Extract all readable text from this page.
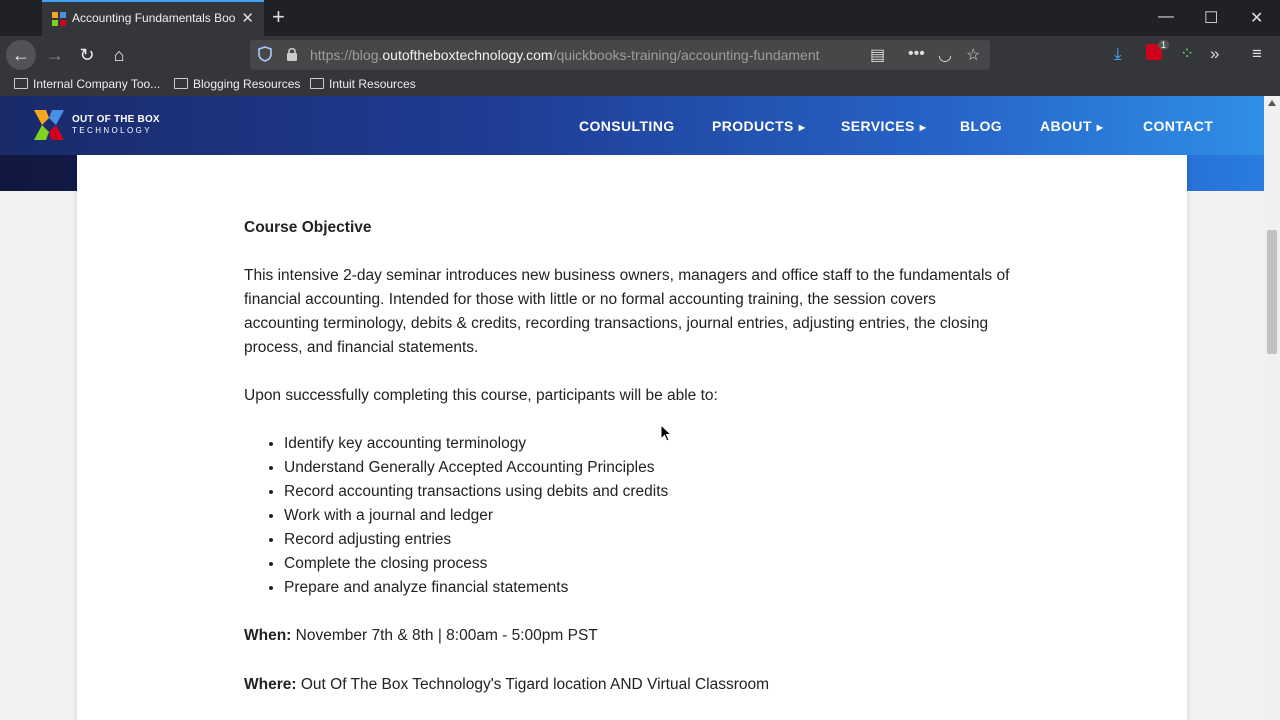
Accounting Fundamentals Boo ✕ +	— ☐ ✕
← → ↻	⌂	https://blog.outoftheboxtechnology.com/quickbooks-training/accounting-fundament	▤ ••• ◡ ☆	⤓	1 ⁘ » ≡
Internal Company Too...	Blogging Resources	Intuit Resources
OUT OF THE BOX
TECHNOLOGY	CONSULTING	PRODUCTS ▶	SERVICES ▶ BLOG	ABOUT ▶	CONTACT
Course Objective

This intensive 2-day seminar introduces new business owners, managers and office staff to the fundamentals of financial accounting. Intended for those with little or no formal accounting training, the session covers accounting terminology, debits & credits, recording transactions, journal entries, adjusting entries, the closing process, and financial statements.

Upon successfully completing this course, participants will be able to:

• Identify key accounting terminology
• Understand Generally Accepted Accounting Principles
• Record accounting transactions using debits and credits
• Work with a journal and ledger
• Record adjusting entries
• Complete the closing process
• Prepare and analyze financial statements

When: November 7th & 8th | 8:00am - 5:00pm PST

Where: Out Of The Box Technology's Tigard location AND Virtual Classroom
